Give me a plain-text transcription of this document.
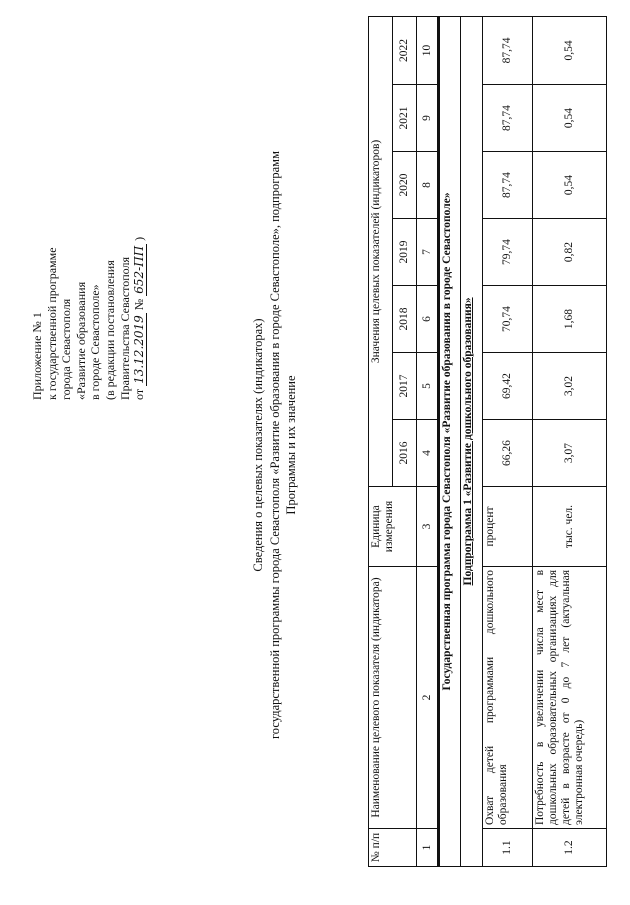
Приложение № 1 к государственной программе города Севастополя «Развитие образования в городе Севастополе» (в редакции постановления Правительства Севастополя от 13.12.2019 № 652-ПП )
Сведения о целевых показателях (индикаторах) государственной программы города Севастополя «Развитие образования в городе Севастополе», подпрограмм Программы и их значение
№ п/п	Наименование целевого показателя (индикатора)	Единица измерения	Значения целевых показателей (индикаторов)						
			2016	2017	2018	2019	2020	2021	2022
1	2	3	4	5	6	7	8	9	10
Государственная программа города Севастополя «Развитие образования в городе Севастополе»									
Подпрограмма 1 «Развитие дошкольного образования»									
1.1	Охват детей программами дошкольного образования	процент	66,26	69,42	70,74	79,74	87,74	87,74	87,74
1.2	Потребность в увеличении числа мест в дошкольных образовательных организациях для детей в возрасте от 0 до 7 лет (актуальная электронная очередь)	тыс. чел.	3,07	3,02	1,68	0,82	0,54	0,54	0,54
